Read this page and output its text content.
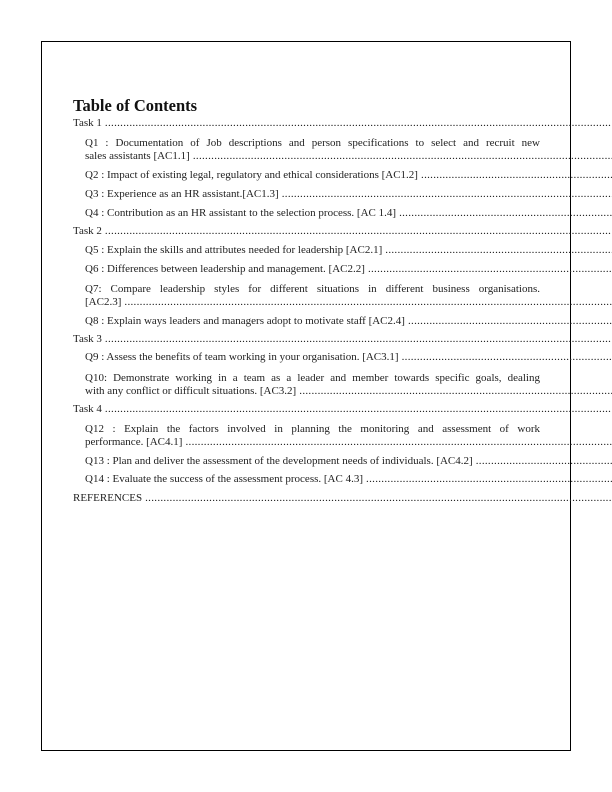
Table of Contents
Task 1 .....
Q1 : Documentation of Job descriptions and person specifications to select and recruit new
sales assistants [AC1.1] .....
Q2 : Impact of existing legal, regulatory and ethical considerations [AC1.2] .....
Q3 : Experience as an HR assistant.[AC1.3] .....
Q4 : Contribution as an HR assistant to the selection process. [AC 1.4] .....
Task 2 .....
Q5 : Explain the skills and attributes needed for leadership [AC2.1] .....
Q6 : Differences between leadership and management. [AC2.2] .....
Q7: Compare leadership styles for different situations in different business organisations.
[AC2.3] .....
Q8 : Explain ways leaders and managers adopt to motivate staff [AC2.4] .....
Task 3 .....
Q9 : Assess the benefits of team working in your organisation. [AC3.1] .....
Q10: Demonstrate working in a team as a leader and member towards specific goals, dealing
with any conflict or difficult situations. [AC3.2] .....
Task 4 .....
Q12 : Explain the factors involved in planning the monitoring and assessment of work
performance. [AC4.1] .....
Q13 : Plan and deliver the assessment of the development needs of individuals. [AC4.2] .....
Q14 : Evaluate the success of the assessment process. [AC 4.3] .....
REFERENCES .....
